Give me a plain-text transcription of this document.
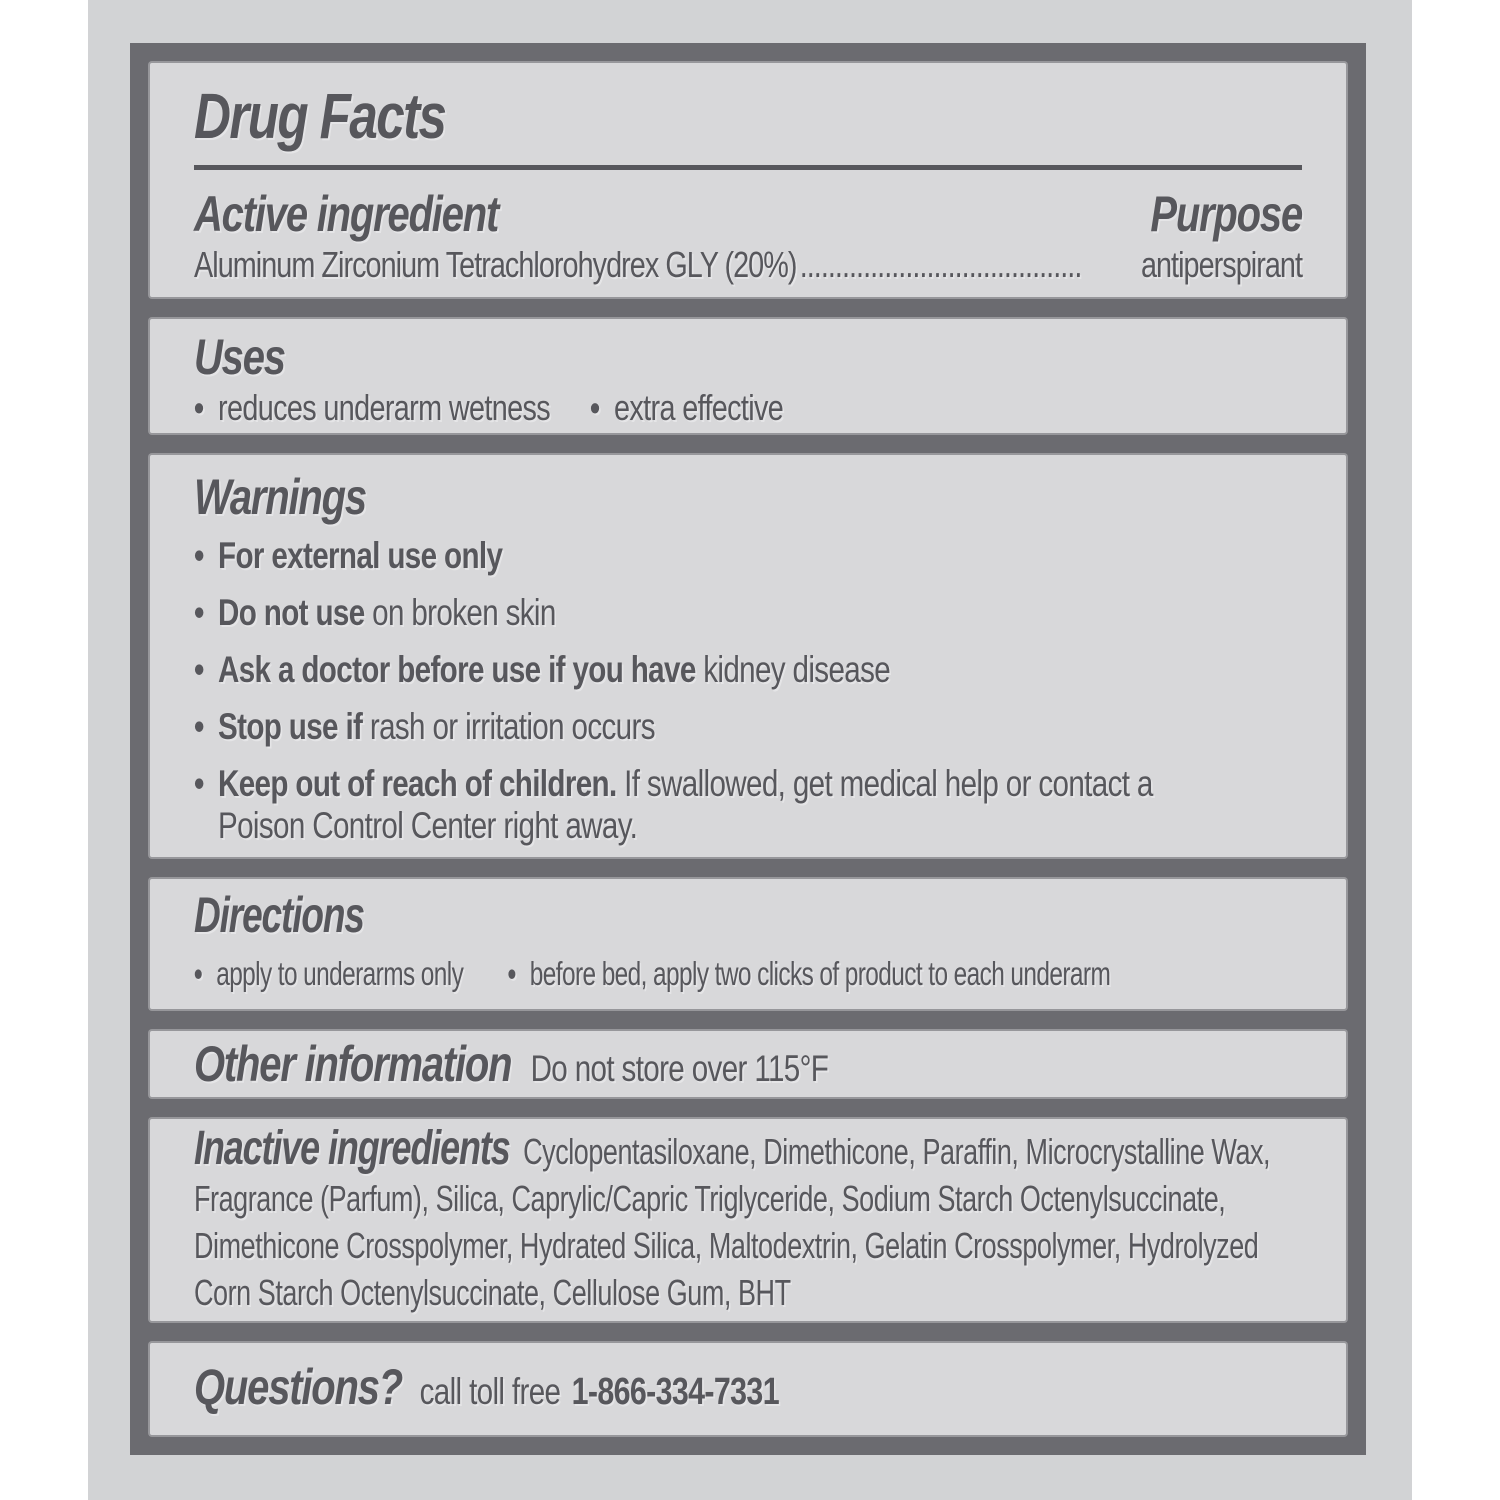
Drug Facts
Active ingredient	Purpose
Aluminum Zirconium Tetrachlorohydrex GLY (20%) ........................................	antiperspirant
Uses
•
reduces underarm wetness • extra effective
Warnings
•
For external use only
•
Do not use on broken skin
•
Ask a doctor before use if you have kidney disease
•
Stop use if rash or irritation occurs
•
Keep out of reach of children. If swallowed, get medical help or contact a Poison Control Center right away.
Directions
•
apply to underarms only • before bed, apply two clicks of product to each underarm
Other information Do not store over 115°F

Inactive ingredients Cyclopentasiloxane, Dimethicone, Paraffin, Microcrystalline Wax, Fragrance (Parfum), Silica, Caprylic/Capric Triglyceride, Sodium Starch Octenylsuccinate, Dimethicone Crosspolymer, Hydrated Silica, Maltodextrin, Gelatin Crosspolymer, Hydrolyzed Corn Starch Octenylsuccinate, Cellulose Gum, BHT

Questions? call toll free 1-866-334-7331
